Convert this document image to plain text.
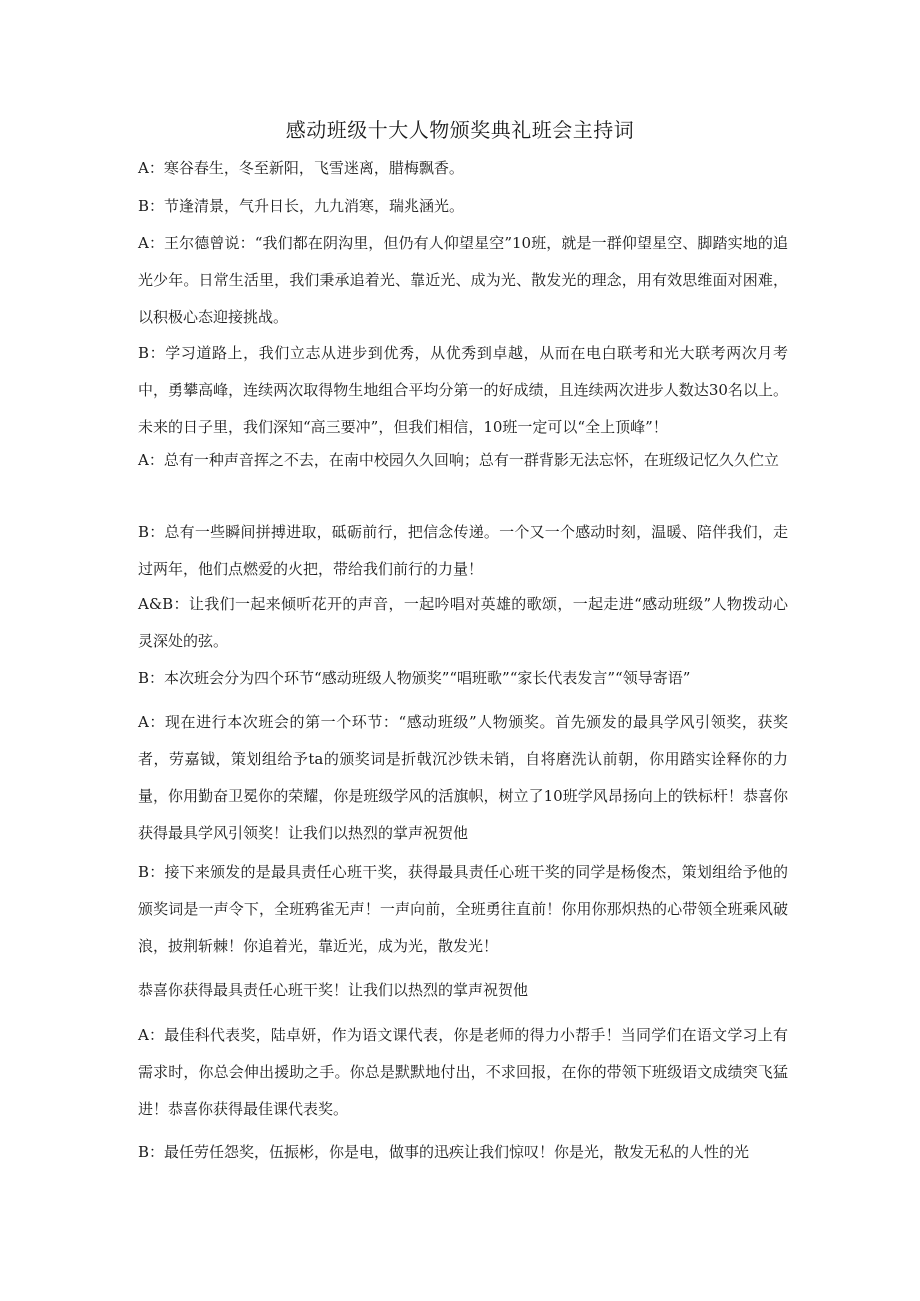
感动班级十大人物颁奖典礼班会主持词

A：寒谷春生，冬至新阳，飞雪迷离，腊梅飘香。

B：节逢清景，气升日长，九九消寒，瑞兆涵光。

A：王尔德曾说：“我们都在阴沟里，但仍有人仰望星空”10班，就是一群仰望星空、脚踏实地的追光少年。日常生活里，我们秉承追着光、靠近光、成为光、散发光的理念，用有效思维面对困难，以积极心态迎接挑战。

B：学习道路上，我们立志从进步到优秀，从优秀到卓越，从而在电白联考和光大联考两次月考中，勇攀高峰，连续两次取得物生地组合平均分第一的好成绩，且连续两次进步人数达30名以上。未来的日子里，我们深知“高三要冲”，但我们相信，10班一定可以“全上顶峰”！

A：总有一种声音挥之不去，在南中校园久久回响；总有一群背影无法忘怀，在班级记忆久久伫立

B：总有一些瞬间拼搏进取，砥砺前行，把信念传递。一个又一个感动时刻，温暖、陪伴我们，走过两年，他们点燃爱的火把，带给我们前行的力量！

A&B：让我们一起来倾听花开的声音，一起吟唱对英雄的歌颂，一起走进“感动班级”人物拨动心灵深处的弦。

B：本次班会分为四个环节“感动班级人物颁奖”“唱班歌”“家长代表发言”“领导寄语”

A：现在进行本次班会的第一个环节：“感动班级”人物颁奖。首先颁发的最具学风引领奖，获奖者，劳嘉钺，策划组给予ta的颁奖词是折戟沉沙铁未销，自将磨洗认前朝，你用踏实诠释你的力量，你用勤奋卫冕你的荣耀，你是班级学风的活旗帜，树立了10班学风昂扬向上的铁标杆！恭喜你获得最具学风引领奖！让我们以热烈的掌声祝贺他

B：接下来颁发的是最具责任心班干奖，获得最具责任心班干奖的同学是杨俊杰，策划组给予他的颁奖词是一声令下，全班鸦雀无声！一声向前，全班勇往直前！你用你那炽热的心带领全班乘风破浪，披荆斩棘！你追着光，靠近光，成为光，散发光！

恭喜你获得最具责任心班干奖！让我们以热烈的掌声祝贺他

A：最佳科代表奖，陆卓妍，作为语文课代表，你是老师的得力小帮手！当同学们在语文学习上有需求时，你总会伸出援助之手。你总是默默地付出，不求回报，在你的带领下班级语文成绩突飞猛进！恭喜你获得最佳课代表奖。

B：最任劳任怨奖，伍振彬，你是电，做事的迅疾让我们惊叹！你是光，散发无私的人性的光
